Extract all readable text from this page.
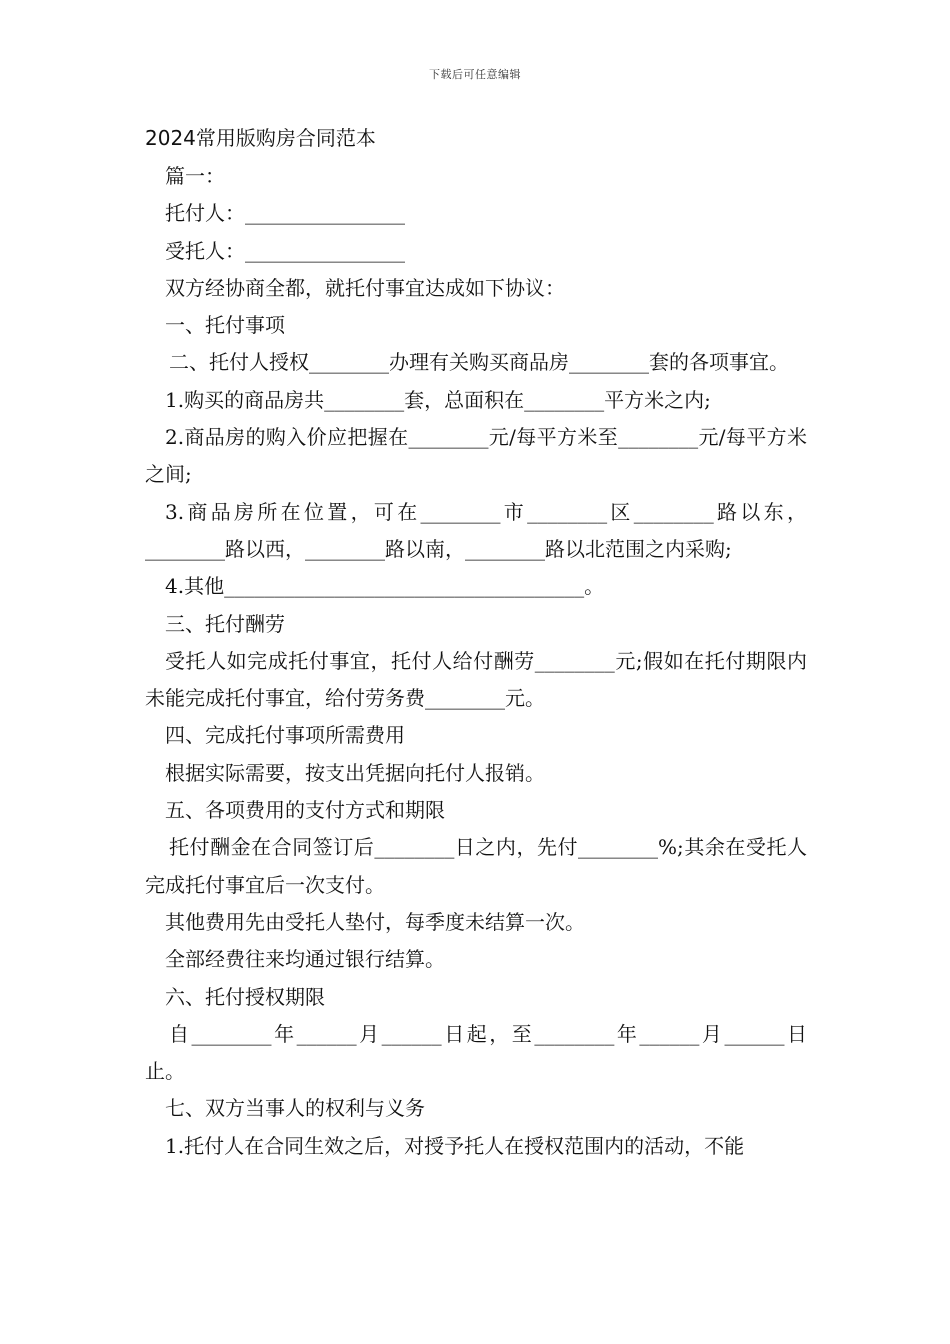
下载后可任意编辑
2024常用版购房合同范本

篇一：

托付人：________________

受托人：________________

双方经协商全都，就托付事宜达成如下协议：

一、托付事项

二、托付人授权________办理有关购买商品房________套的各项事宜。

1.购买的商品房共________套，总面积在________平方米之内;

2.商品房的购入价应把握在________元/每平方米至________元/每平方米之间;

3.商品房所在位置，可在________市________区________路以东，________路以西，________路以南，________路以北范围之内采购;

4.其他____________________________________。

三、托付酬劳

受托人如完成托付事宜，托付人给付酬劳________元;假如在托付期限内未能完成托付事宜，给付劳务费________元。

四、完成托付事项所需费用

根据实际需要，按支出凭据向托付人报销。

五、各项费用的支付方式和期限

托付酬金在合同签订后________日之内，先付________%;其余在受托人完成托付事宜后一次支付。

其他费用先由受托人垫付，每季度未结算一次。

全部经费往来均通过银行结算。

六、托付授权期限

自________年______月______日起，至________年______月______日止。

七、双方当事人的权利与义务

1.托付人在合同生效之后，对授予托人在授权范围内的活动，不能
